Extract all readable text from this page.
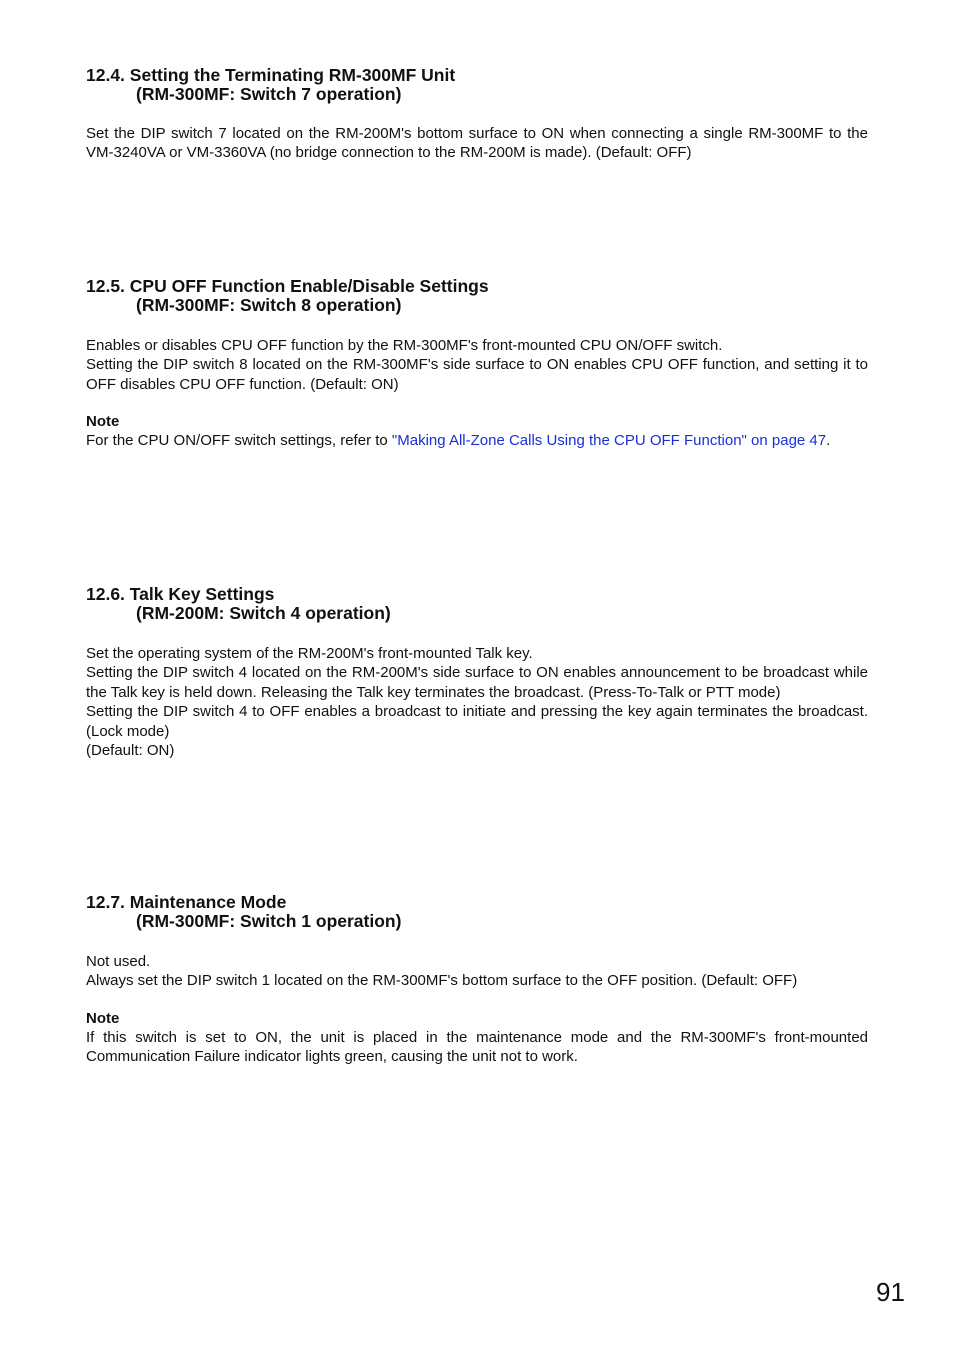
12.4. Setting the Terminating RM-300MF Unit
(RM-300MF: Switch 7 operation)

Set the DIP switch 7 located on the RM-200M's bottom surface to ON when connecting a single RM-300MF to the VM-3240VA or VM-3360VA (no bridge connection to the RM-200M is made). (Default: OFF)

12.5. CPU OFF Function Enable/Disable Settings
(RM-300MF: Switch 8 operation)

Enables or disables CPU OFF function by the RM-300MF's front-mounted CPU ON/OFF switch.

Setting the DIP switch 8 located on the RM-300MF's side surface to ON enables CPU OFF function, and setting it to OFF disables CPU OFF function. (Default: ON)

Note

For the CPU ON/OFF switch settings, refer to "Making All-Zone Calls Using the CPU OFF Function" on page 47.

12.6. Talk Key Settings
(RM-200M: Switch 4 operation)

Set the operating system of the RM-200M's front-mounted Talk key.

Setting the DIP switch 4 located on the RM-200M's side surface to ON enables announcement to be broadcast while the Talk key is held down. Releasing the Talk key terminates the broadcast. (Press-To-Talk or PTT mode)

Setting the DIP switch 4 to OFF enables a broadcast to initiate and pressing the key again terminates the broadcast. (Lock mode)

(Default: ON)

12.7. Maintenance Mode
(RM-300MF: Switch 1 operation)

Not used.

Always set the DIP switch 1 located on the RM-300MF's bottom surface to the OFF position. (Default: OFF)

Note

If this switch is set to ON, the unit is placed in the maintenance mode and the RM-300MF's front-mounted Communication Failure indicator lights green, causing the unit not to work.

91
